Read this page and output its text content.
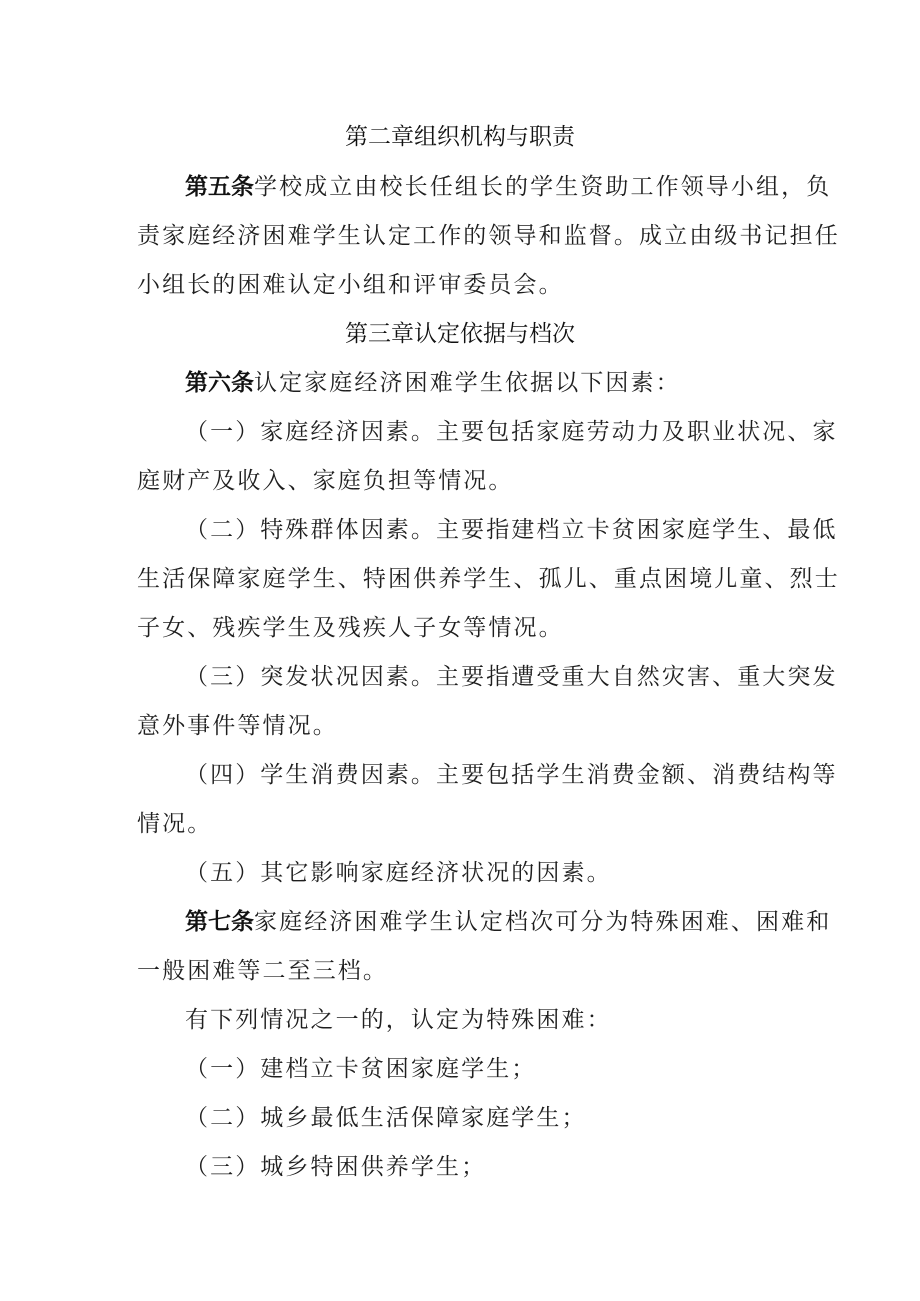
第二章组织机构与职责
第五条学校成立由校长任组长的学生资助工作领导小组，负
责家庭经济困难学生认定工作的领导和监督。成立由级书记担任
小组长的困难认定小组和评审委员会。
第三章认定依据与档次
第六条认定家庭经济困难学生依据以下因素：
（一）家庭经济因素。主要包括家庭劳动力及职业状况、家
庭财产及收入、家庭负担等情况。
（二）特殊群体因素。主要指建档立卡贫困家庭学生、最低
生活保障家庭学生、特困供养学生、孤儿、重点困境儿童、烈士
子女、残疾学生及残疾人子女等情况。
（三）突发状况因素。主要指遭受重大自然灾害、重大突发
意外事件等情况。
（四）学生消费因素。主要包括学生消费金额、消费结构等
情况。
（五）其它影响家庭经济状况的因素。
第七条家庭经济困难学生认定档次可分为特殊困难、困难和
一般困难等二至三档。
有下列情况之一的，认定为特殊困难：
（一）建档立卡贫困家庭学生；
（二）城乡最低生活保障家庭学生；
（三）城乡特困供养学生；
